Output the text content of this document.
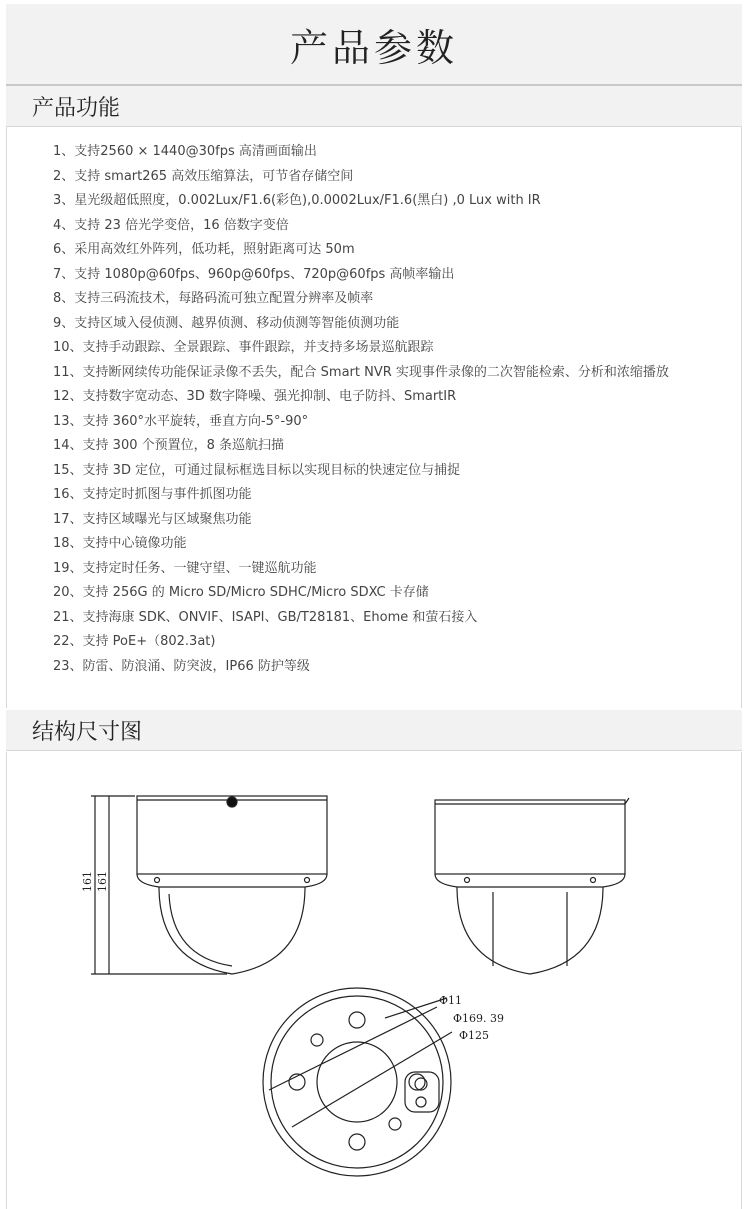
产品参数
产品功能
1、支持2560 × 1440@30fps 高清画面输出
2、支持 smart265 高效压缩算法，可节省存储空间
3、星光级超低照度，0.002Lux/F1.6(彩色),0.0002Lux/F1.6(黑白) ,0 Lux with IR
4、支持 23 倍光学变倍，16 倍数字变倍
6、采用高效红外阵列，低功耗，照射距离可达 50m
7、支持 1080p@60fps、960p@60fps、720p@60fps 高帧率输出
8、支持三码流技术，每路码流可独立配置分辨率及帧率
9、支持区域入侵侦测、越界侦测、移动侦测等智能侦测功能
10、支持手动跟踪、全景跟踪、事件跟踪，并支持多场景巡航跟踪
11、支持断网续传功能保证录像不丢失，配合 Smart NVR 实现事件录像的二次智能检索、分析和浓缩播放
12、支持数字宽动态、3D 数字降噪、强光抑制、电子防抖、SmartIR
13、支持 360°水平旋转，垂直方向-5°-90°
14、支持 300 个预置位，8 条巡航扫描
15、支持 3D 定位，可通过鼠标框选目标以实现目标的快速定位与捕捉
16、支持定时抓图与事件抓图功能
17、支持区域曝光与区域聚焦功能
18、支持中心镜像功能
19、支持定时任务、一键守望、一键巡航功能
20、支持 256G 的 Micro SD/Micro SDHC/Micro SDXC 卡存储
21、支持海康 SDK、ONVIF、ISAPI、GB/T28181、Ehome 和萤石接入
22、支持 PoE+（802.3at)
23、防雷、防浪涌、防突波，IP66 防护等级
结构尺寸图
161 161
Φ11
Φ169. 39
Φ125
